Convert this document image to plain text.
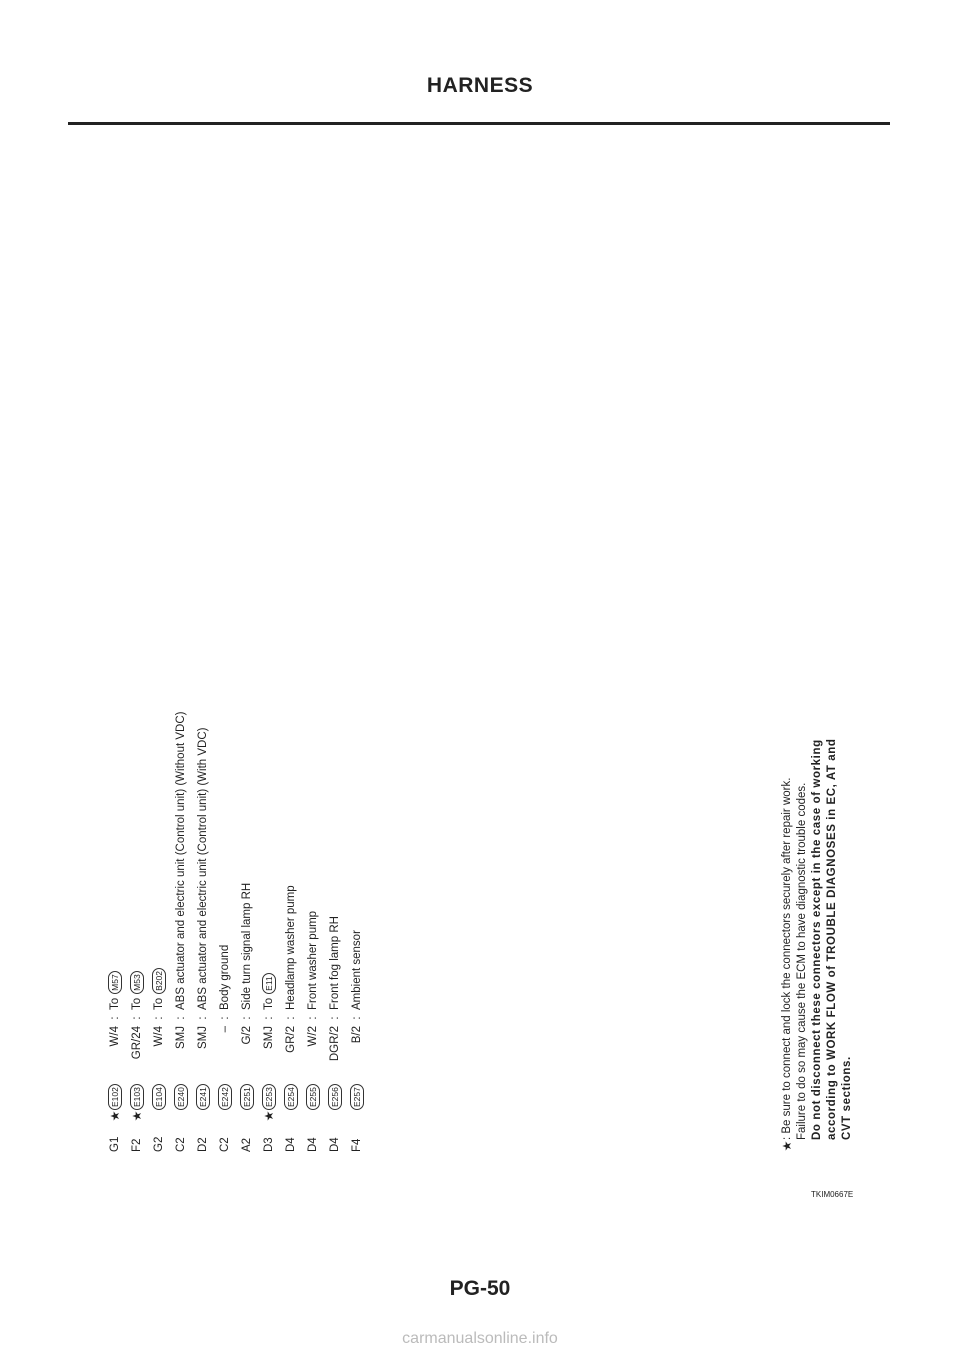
HARNESS
G1
★
E102
W/4
:
To
M57
F2
★
E103
GR/24
:
To
M53
G2
E104
W/4
:
To
B202
C2
E240
SMJ
:
ABS actuator and electric unit (Control unit) (Without VDC)
D2
E241
SMJ
:
ABS actuator and electric unit (Control unit) (With VDC)
C2
E242
–
:
Body ground
A2
E251
G/2
:
Side turn signal lamp RH
D3
★
E253
SMJ
:
To
E11
D4
E254
GR/2
:
Headlamp washer pump
D4
E255
W/2
:
Front washer pump
D4
E256
DGR/2
:
Front fog lamp RH
F4
E257
B/2
:
Ambient sensor
★
: Be sure to connect and lock the connectors securely after repair work. Failure to do so may cause the ECM to have diagnostic trouble codes. Do not disconnect these connectors except in the case of working according to WORK FLOW of TROUBLE DIAGNOSES in EC, AT and CVT sections.
TKIM0667E
PG-50
carmanualsonline.info
